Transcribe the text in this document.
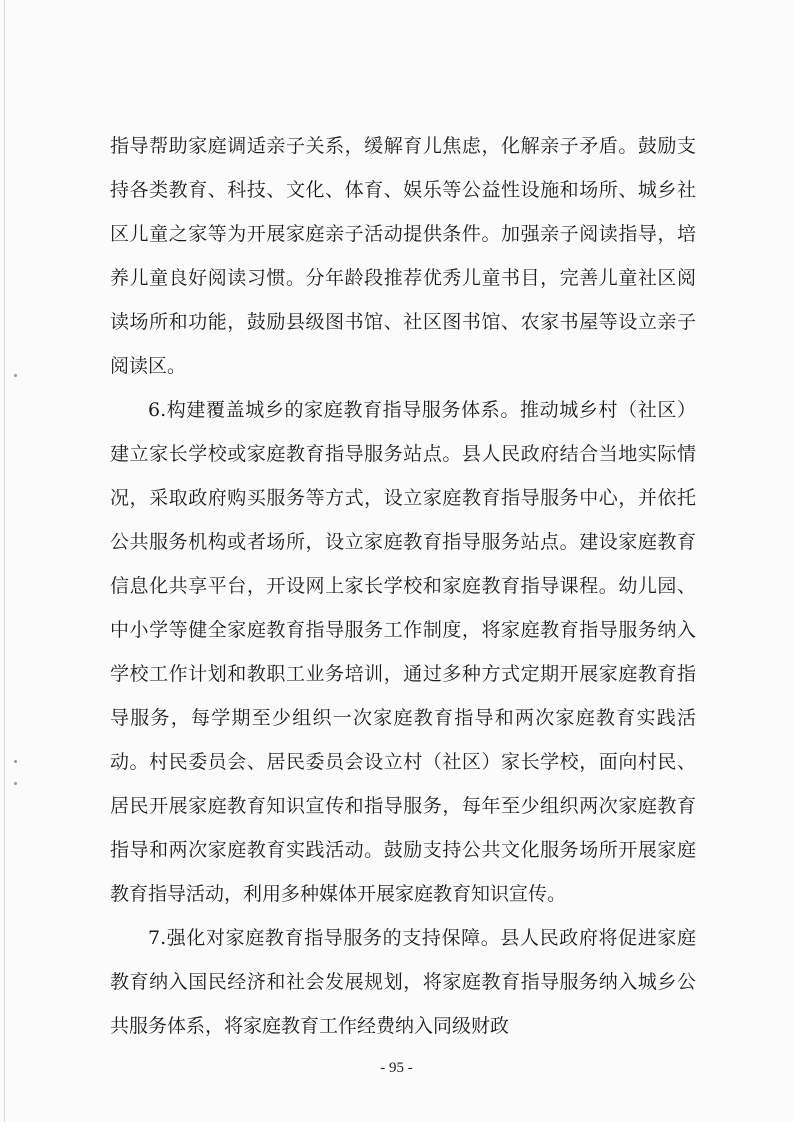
指导帮助家庭调适亲子关系，缓解育儿焦虑，化解亲子矛盾。鼓励支持各类教育、科技、文化、体育、娱乐等公益性设施和场所、城乡社区儿童之家等为开展家庭亲子活动提供条件。加强亲子阅读指导，培养儿童良好阅读习惯。分年龄段推荐优秀儿童书目，完善儿童社区阅读场所和功能，鼓励县级图书馆、社区图书馆、农家书屋等设立亲子阅读区。

6.构建覆盖城乡的家庭教育指导服务体系。推动城乡村（社区）建立家长学校或家庭教育指导服务站点。县人民政府结合当地实际情况，采取政府购买服务等方式，设立家庭教育指导服务中心，并依托公共服务机构或者场所，设立家庭教育指导服务站点。建设家庭教育信息化共享平台，开设网上家长学校和家庭教育指导课程。幼儿园、中小学等健全家庭教育指导服务工作制度，将家庭教育指导服务纳入学校工作计划和教职工业务培训，通过多种方式定期开展家庭教育指导服务，每学期至少组织一次家庭教育指导和两次家庭教育实践活动。村民委员会、居民委员会设立村（社区）家长学校，面向村民、居民开展家庭教育知识宣传和指导服务，每年至少组织两次家庭教育指导和两次家庭教育实践活动。鼓励支持公共文化服务场所开展家庭教育指导活动，利用多种媒体开展家庭教育知识宣传。

7.强化对家庭教育指导服务的支持保障。县人民政府将促进家庭教育纳入国民经济和社会发展规划，将家庭教育指导服务纳入城乡公共服务体系，将家庭教育工作经费纳入同级财政

- 95 -
